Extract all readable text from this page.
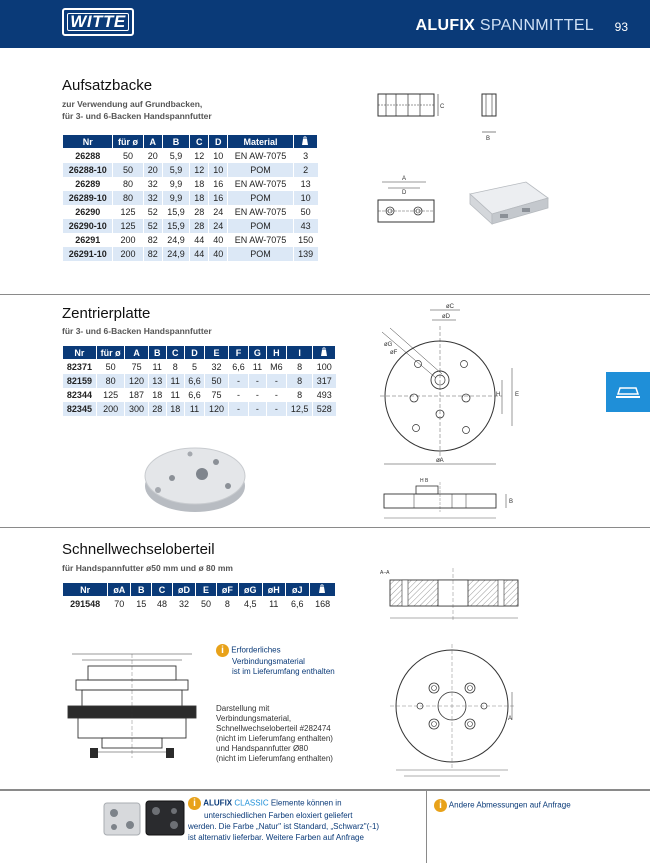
WITTE	ALUFIX SPANNMITTEL 93
Aufsatzbacke
zur Verwendung auf Grundbacken,
für 3- und 6-Backen Handspannfutter
Nr	für ø	A	B	C	D	Material	
26288	50	20	5,9	12	10	EN AW-7075	3
26288-10	50	20	5,9	12	10	POM	2
26289	80	32	9,9	18	16	EN AW-7075	13
26289-10	80	32	9,9	18	16	POM	10
26290	125	52	15,9	28	24	EN AW-7075	50
26290-10	125	52	15,9	28	24	POM	43
26291	200	82	24,9	44	40	EN AW-7075	150
26291-10	200	82	24,9	44	40	POM	139
C
B
A
D
Zentrierplatte
für 3- und 6-Backen Handspannfutter
Nr	für ø	A	B	C	D	E	F	G	H	I	
82371	50	75	11	8	5	32	6,6	11	M6	8	100
82159	80	120	13	11	6,6	50	-	-	-	8	317
82344	125	187	18	11	6,6	75	-	-	-	8	493
82345	200	300	28	18	11	120	-	-	-	12,5	528
øC
øD
øG
øF
H E
øA
B
H B
Schnellwechseloberteil
für Handspannfutter ø50 mm und ø 80 mm
Nr	øA	B	C	øD	E	øF	øG	øH	øJ	
291548	70	15	48	32	50	8	4,5	11	6,6	168
i Erforderliches
Verbindungsmaterial
ist im Lieferumfang enthalten
Darstellung mit
Verbindungsmaterial,
Schnellwechseloberteil #282474
(nicht im Lieferumfang enthalten)
und Handspannfutter Ø80
(nicht im Lieferumfang enthalten)
A–A
A
i ALUFIX CLASSIC Elemente können in
unterschiedlichen Farben eloxiert geliefert
werden. Die Farbe „Natur" ist Standard, „Schwarz"(-1)
ist alternativ lieferbar. Weitere Farben auf Anfrage
i Andere Abmessungen auf Anfrage
